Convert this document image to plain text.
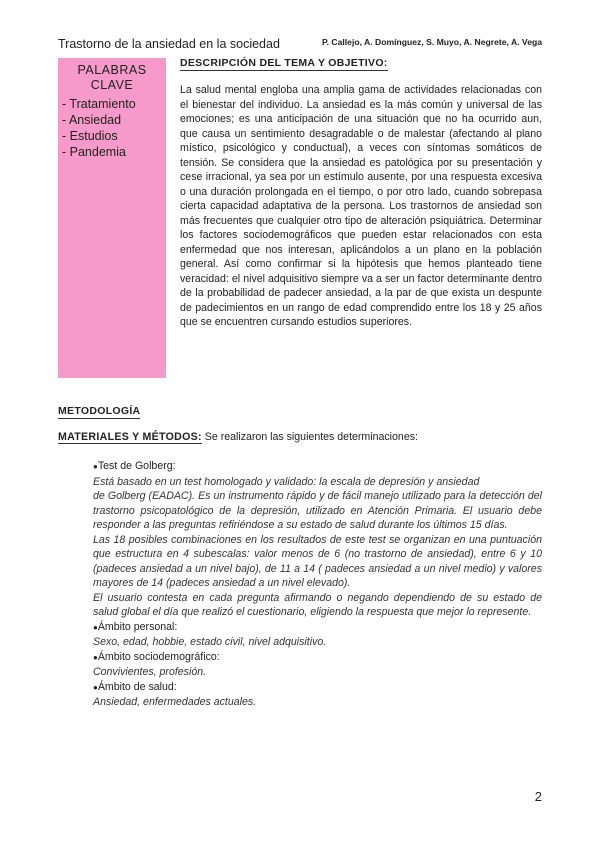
Trastorno de la ansiedad en la sociedad	P. Callejo, A. Domínguez, S. Muyo, A. Negrete, A. Vega
PALABRAS
CLAVE
- Tratamiento
- Ansiedad
- Estudios
- Pandemia
DESCRIPCIÓN DEL TEMA Y OBJETIVO:
La salud mental engloba una amplia gama de actividades relacionadas con el bienestar del individuo. La ansiedad es la más común y universal de las emociones; es una anticipación de una situación que no ha ocurrido aun, que causa un sentimiento desagradable o de malestar (afectando al plano místico, psicológico y conductual), a veces con síntomas somáticos de tensión. Se considera que la ansiedad es patológica por su presentación y cese irracional, ya sea por un estímulo ausente, por una respuesta excesiva o una duración prolongada en el tiempo, o por otro lado, cuando sobrepasa cierta capacidad adaptativa de la persona. Los trastornos de ansiedad son más frecuentes que cualquier otro tipo de alteración psiquiátrica. Determinar los factores sociodemográficos que pueden estar relacionados con esta enfermedad que nos interesan, aplicándolos a un plano en la población general. Así como confirmar si la hipótesis que hemos planteado tiene veracidad: el nivel adquisitivo siempre va a ser un factor determinante dentro de la probabilidad de padecer ansiedad, a la par de que exista un despunte de padecimientos en un rango de edad comprendido entre los 18 y 25 años que se encuentren cursando estudios superiores.
METODOLOGÍA
MATERIALES Y MÉTODOS: Se realizaron las siguientes determinaciones:
● Test de Golberg:
Está basado en un test homologado y validado: la escala de depresión y ansiedad
de Golberg (EADAC). Es un instrumento rápido y de fácil manejo utilizado para la detección del trastorno psicopatológico de la depresión, utilizado en Atención Primaria. El usuario debe responder a las preguntas refiriéndose a su estado de salud durante los últimos 15 días.
Las 18 posibles combinaciones en los resultados de este test se organizan en una puntuación que estructura en 4 subescalas: valor menos de 6 (no trastorno de ansiedad), entre 6 y 10 (padeces ansiedad a un nivel bajo), de 11 a 14 ( padeces ansiedad a un nivel medio) y valores mayores de 14 (padeces ansiedad a un nivel elevado).
El usuario contesta en cada pregunta afirmando o negando dependiendo de su estado de salud global el día que realizó el cuestionario, eligiendo la respuesta que mejor lo represente.
● Ámbito personal:
Sexo, edad, hobbie, estado civil, nivel adquisitivo.
● Ámbito sociodemográfico:
Convivientes, profesión.
● Ámbito de salud:
Ansiedad, enfermedades actuales.
2
